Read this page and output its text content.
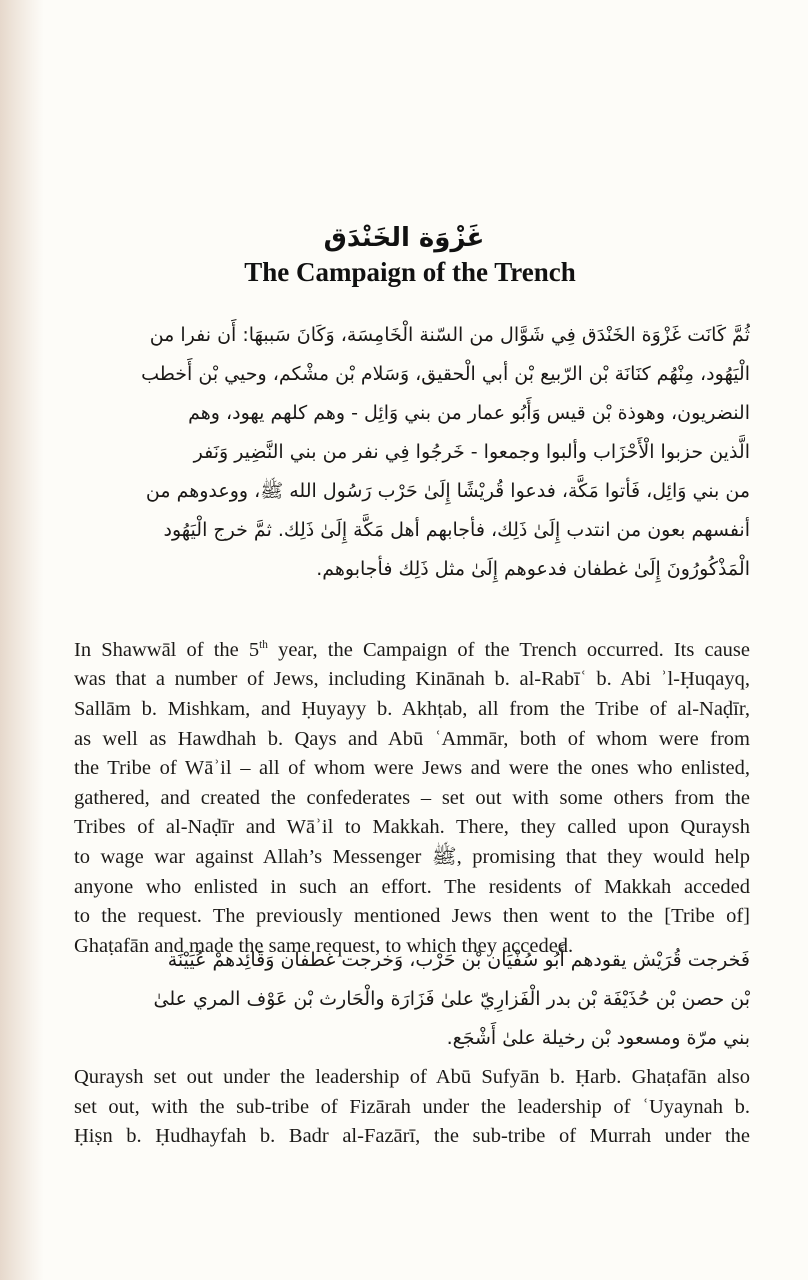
غَزْوَة الخَنْدَق
The Campaign of the Trench
ثُمَّ كَانَت غَزْوَة الخَنْدَق فِي شَوَّال من السّنة الْخَامِسَة، وَكَانَ سَببهَا: أَن نفرا من
الْيَهُود، مِنْهُم كنَانَة بْن الرّبيع بْن أبي الْحقيق، وَسَلام بْن مشْكم، وحيي بْن أَخطب
النضريون، وهوذة بْن قيس وَأَبُو عمار من بني وَائِل - وهم كلهم يهود، وهم
الَّذين حزبوا الْأَحْزَاب وألبوا وجمعوا - خَرجُوا فِي نفر من بني النَّضِير وَنَفر
من بني وَائِل، فَأتوا مَكَّة، فدعوا قُريْشًا إِلَىٰ حَرْب رَسُول الله ﷺ، ووعدوهم من
أنفسهم بعون من انتدب إِلَىٰ ذَلِك، فأجابهم أهل مَكَّة إِلَىٰ ذَلِك. ثمَّ خرج الْيَهُود
الْمَذْكُورُونَ إِلَىٰ غطفان فدعوهم إِلَىٰ مثل ذَلِك فأجابوهم.
In Shawwāl of the 5th year, the Campaign of the Trench occurred. Its cause
was that a number of Jews, including Kinānah b. al-Rabīʿ b. Abi ʾl-Ḥuqayq,
Sallām b. Mishkam, and Ḥuyayy b. Akhṭab, all from the Tribe of al-Naḍīr,
as well as Hawdhah b. Qays and Abū ʿAmmār, both of whom were from
the Tribe of Wāʾil – all of whom were Jews and were the ones who enlisted,
gathered, and created the confederates – set out with some others from the
Tribes of al-Naḍīr and Wāʾil to Makkah. There, they called upon Quraysh
to wage war against Allah’s Messenger ﷺ, promising that they would help
anyone who enlisted in such an effort. The residents of Makkah acceded
to the request. The previously mentioned Jews then went to the [Tribe of]
Ghaṭafān and made the same request, to which they acceded.
فَخرجت قُرَيْش يقودهم أَبُو سُفْيَان بْن حَرْب، وَخرجت غطفان وَقَائِدهمْ عُيَيْنَة
بْن حصن بْن حُذَيْفَة بْن بدر الْفَزارِيّ علىٰ فَزَارَة والْحَارث بْن عَوْف المري علىٰ
بني مرّة ومسعود بْن رخيلة علىٰ أَشْجَع.
Quraysh set out under the leadership of Abū Sufyān b. Ḥarb. Ghaṭafān also
set out, with the sub-tribe of Fizārah under the leadership of ʿUyaynah b.
Ḥiṣn b. Ḥudhayfah b. Badr al-Fazārī, the sub-tribe of Murrah under the
